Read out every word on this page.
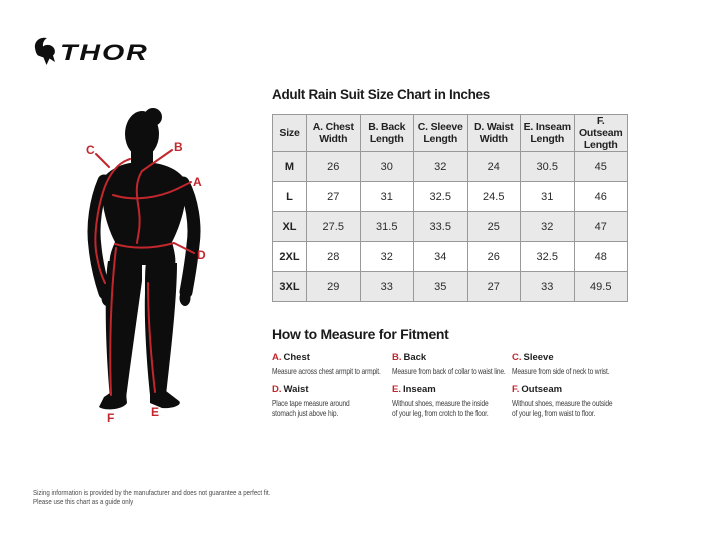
THOR
A
B
C
D
E
F
Adult Rain Suit Size Chart in Inches
Size	A. Chest Width	B. Back Length	C. Sleeve Length	D. Waist Width	E. Inseam Length	F. Outseam Length
M	26	30	32	24	30.5	45
L	27	31	32.5	24.5	31	46
XL	27.5	31.5	33.5	25	32	47
2XL	28	32	34	26	32.5	48
3XL	29	33	35	27	33	49.5
How to Measure for Fitment
A. Chest
Measure across chest armpit to armpit.
B. Back
Measure from back of collar to waist line.
C. Sleeve
Measure from side of neck to wrist.
D. Waist
Place tape measure around
stomach just above hip.
E. Inseam
Without shoes, measure the inside
of your leg, from crotch to the floor.
F. Outseam
Without shoes, measure the outside
of your leg, from waist to floor.
Sizing information is provided by the manufacturer and does not guarantee a perfect fit.
Please use this chart as a guide only
